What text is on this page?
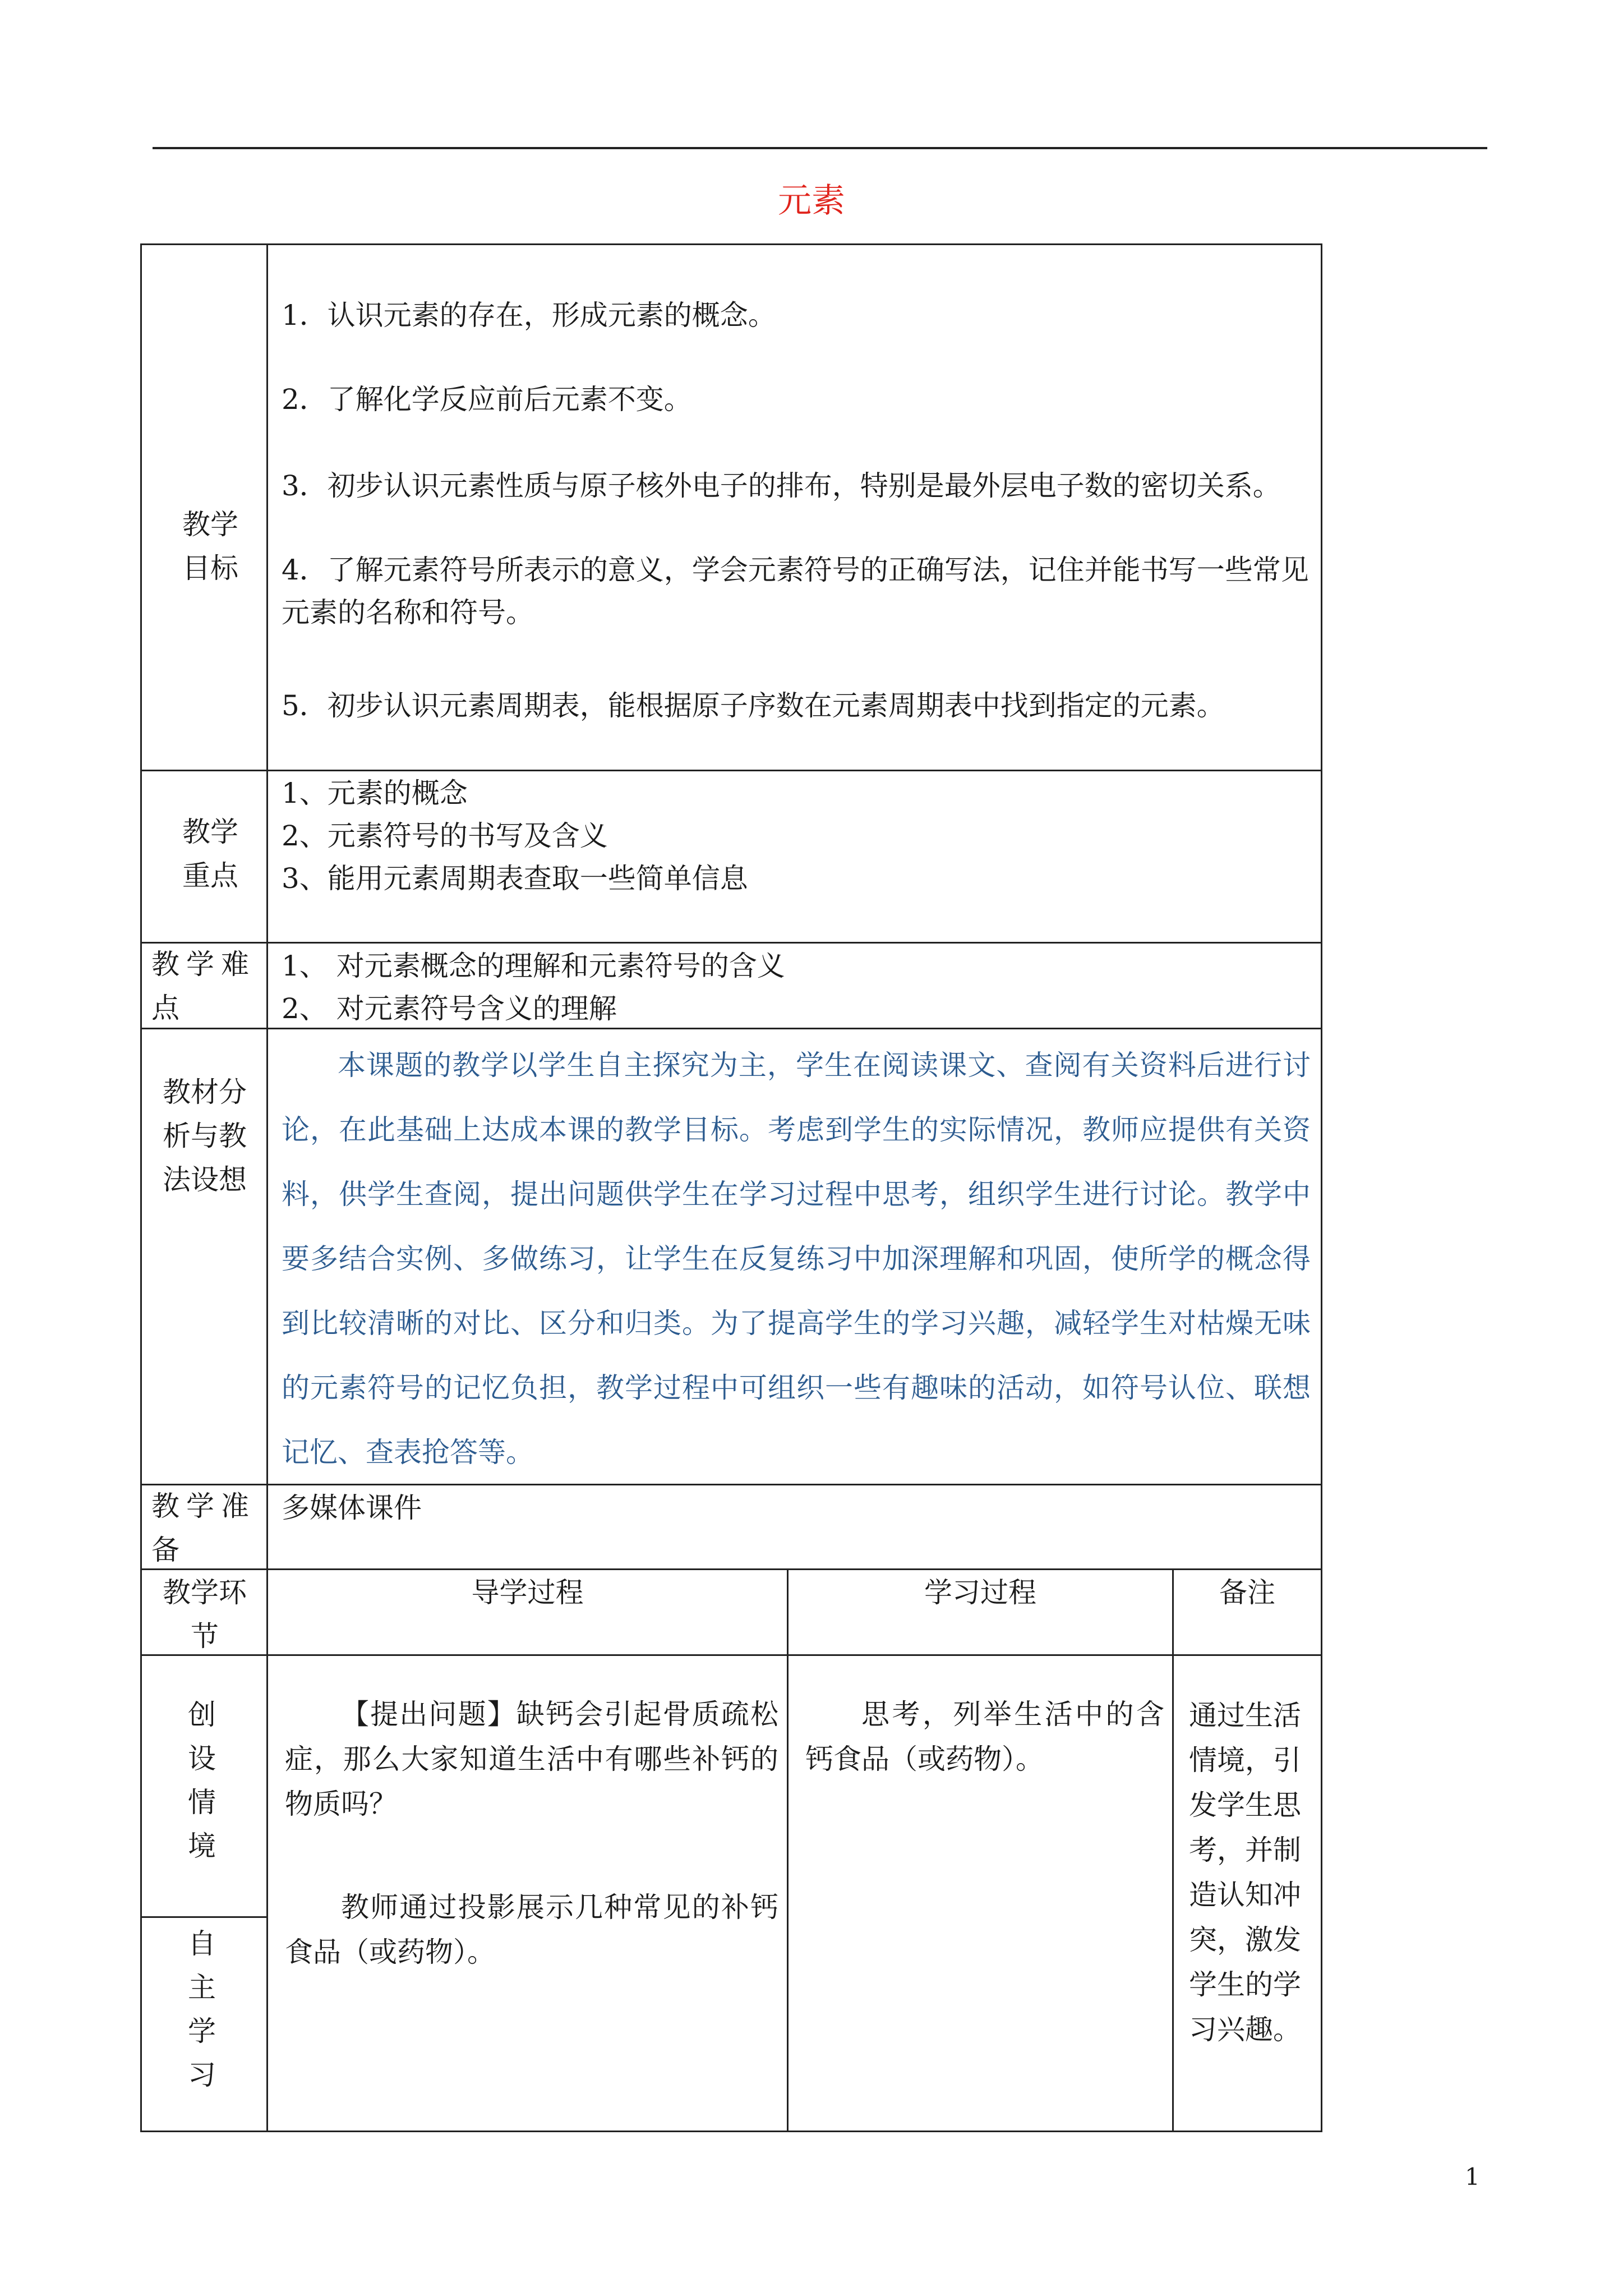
元素
教学目标
1．认识元素的存在，形成元素的概念。
2．了解化学反应前后元素不变。
3．初步认识元素性质与原子核外电子的排布，特别是最外层电子数的密切关系。
4．了解元素符号所表示的意义，学会元素符号的正确写法，记住并能书写一些常见元素的名称和符号。
5．初步认识元素周期表，能根据原子序数在元素周期表中找到指定的元素。
教学重点
1、元素的概念
2、元素符号的书写及含义
3、能用元素周期表查取一些简单信息
教学难点
1、 对元素概念的理解和元素符号的含义
2、 对元素符号含义的理解
教材分析与教法设想
本课题的教学以学生自主探究为主，学生在阅读课文、查阅有关资料后进行讨论，在此基础上达成本课的教学目标。考虑到学生的实际情况，教师应提供有关资料，供学生查阅，提出问题供学生在学习过程中思考，组织学生进行讨论。教学中要多结合实例、多做练习，让学生在反复练习中加深理解和巩固，使所学的概念得到比较清晰的对比、区分和归类。为了提高学生的学习兴趣，减轻学生对枯燥无味的元素符号的记忆负担，教学过程中可组织一些有趣味的活动，如符号认位、联想记忆、查表抢答等。
教学准备
多媒体课件
教学环节
导学过程	学习过程	备注
创设情境
自主学习
【提出问题】缺钙会引起骨质疏松症，那么大家知道生活中有哪些补钙的物质吗？
教师通过投影展示几种常见的补钙食品（或药物）。
思考，列举生活中的含钙食品（或药物）。
通过生活情境，引发学生思考，并制造认知冲突，激发学生的学习兴趣。
1
